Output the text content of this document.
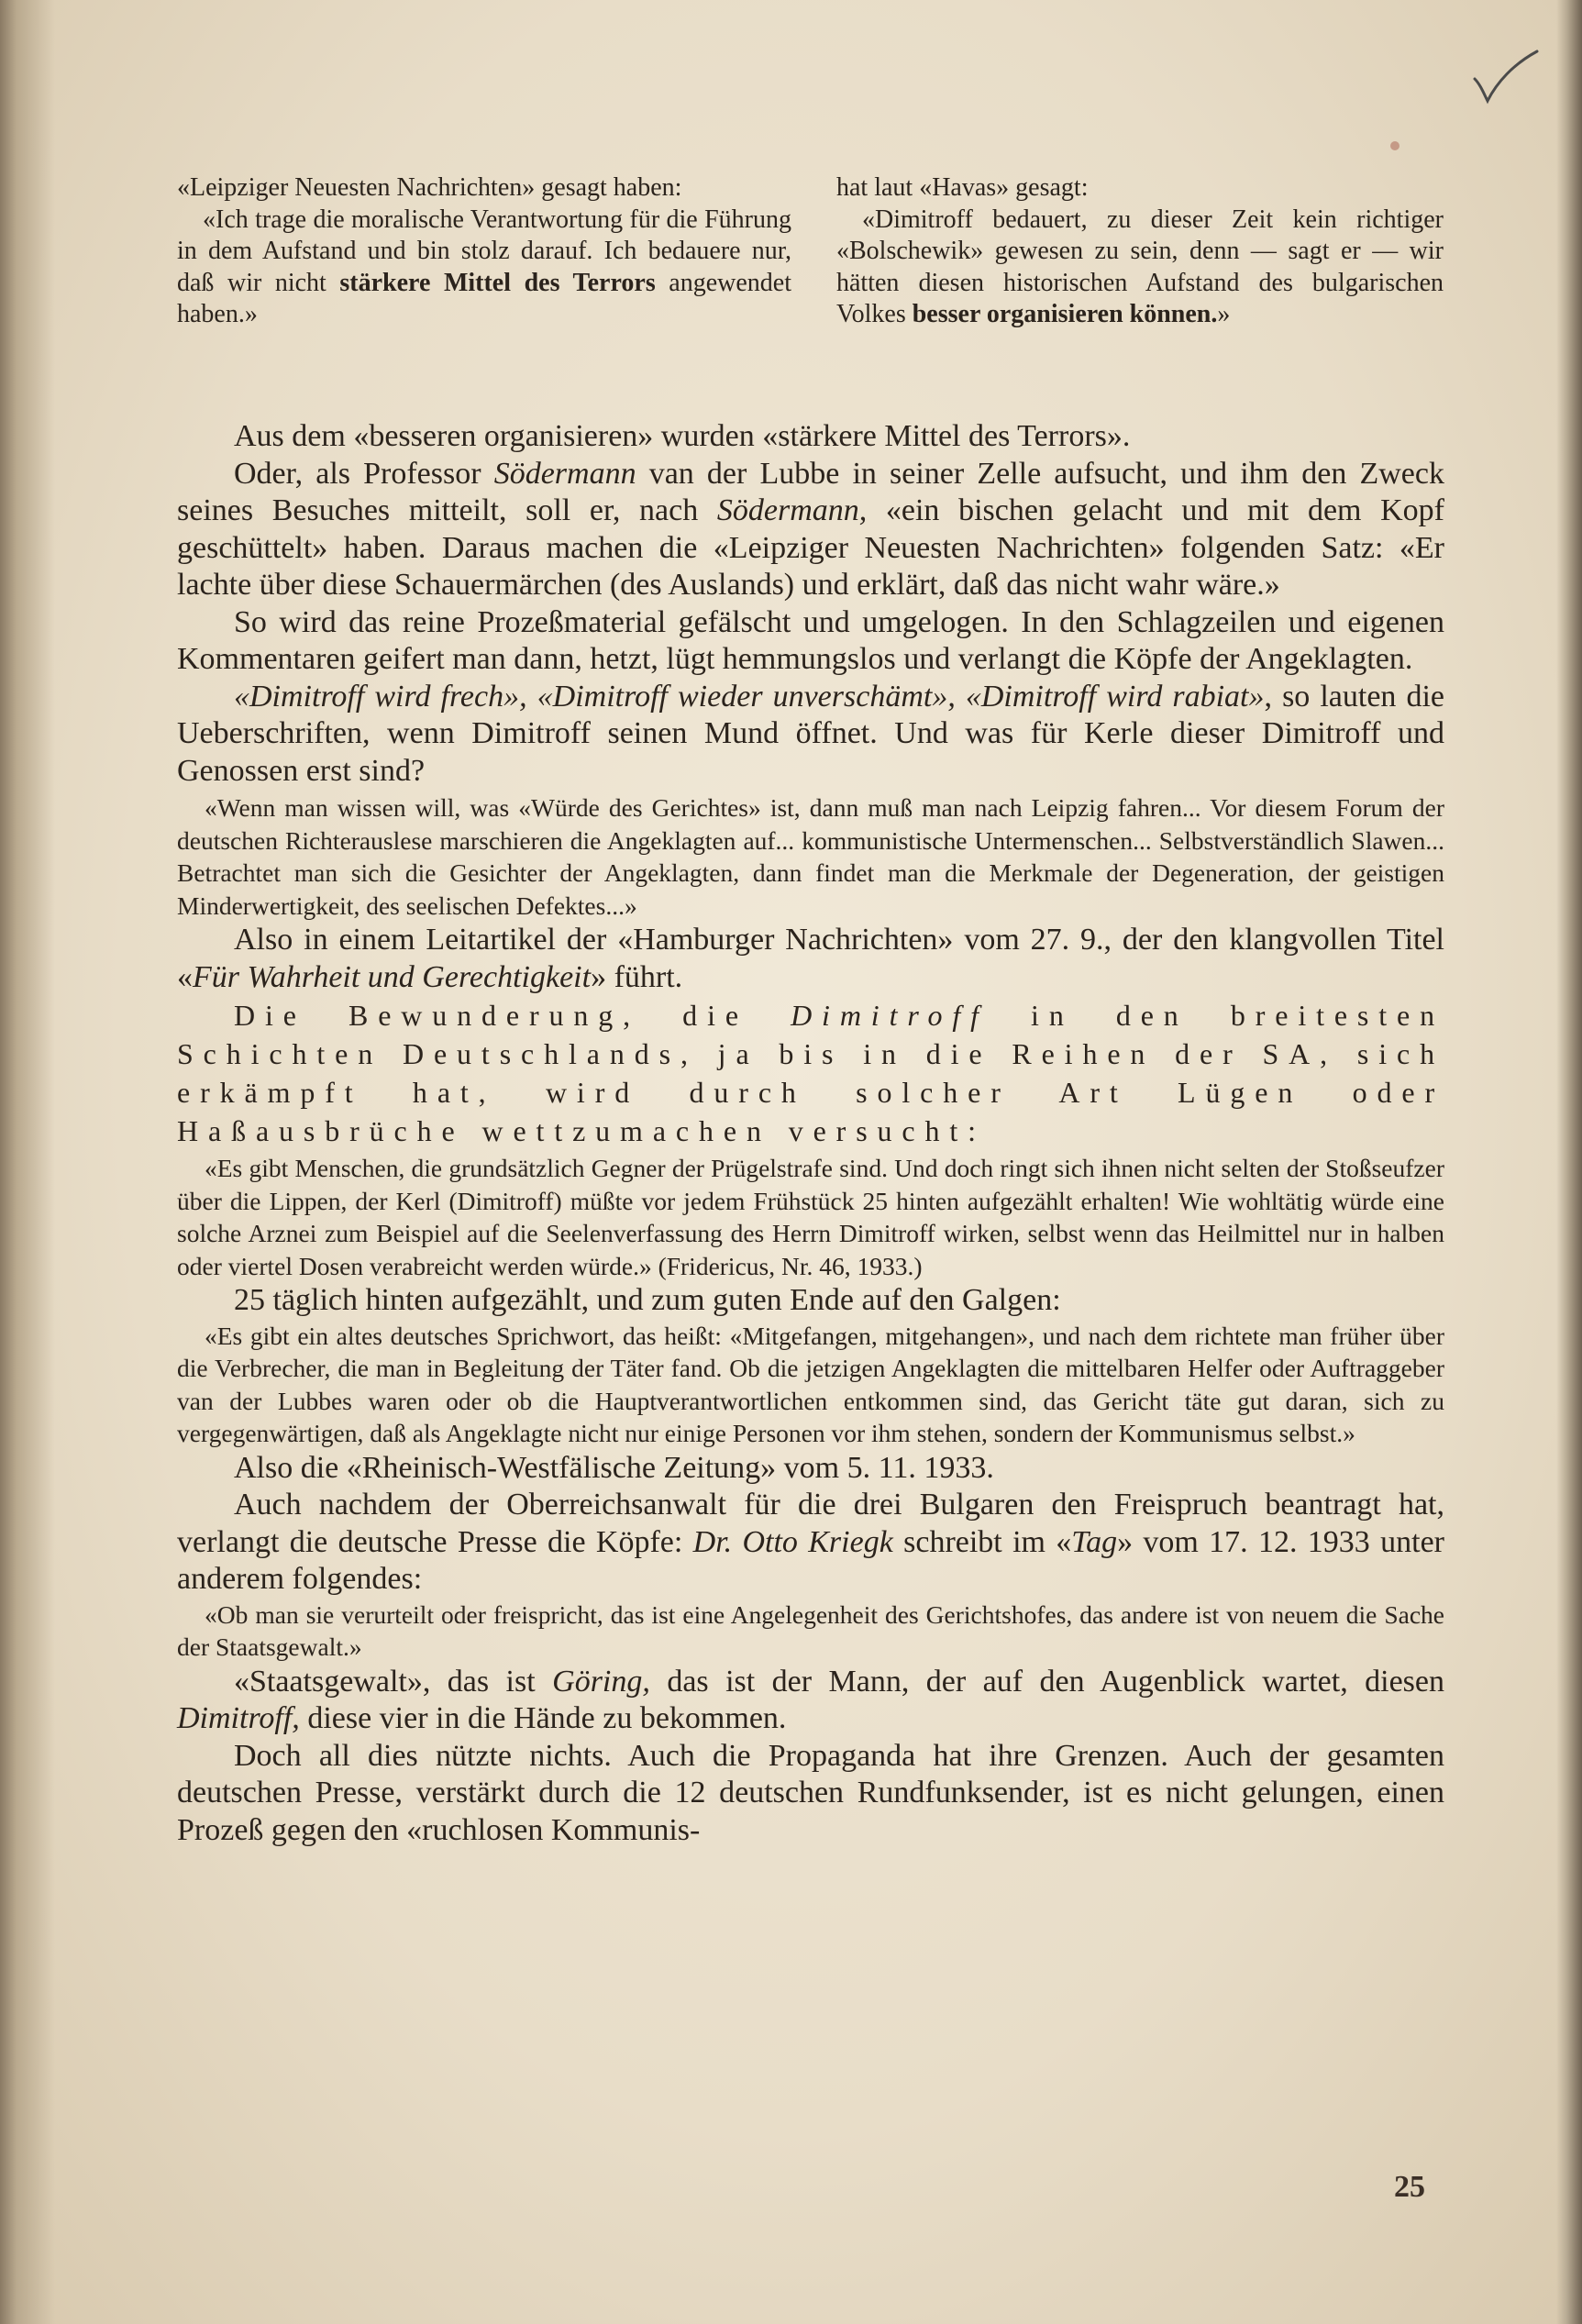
«Leipziger Neuesten Nachrichten» gesagt haben:

«Ich trage die moralische Verantwortung für die Führung in dem Aufstand und bin stolz darauf. Ich bedauere nur, daß wir nicht stärkere Mittel des Terrors angewendet haben.»

hat laut «Havas» gesagt:

«Dimitroff bedauert, zu dieser Zeit kein richtiger «Bolschewik» gewesen zu sein, denn — sagt er — wir hätten diesen historischen Aufstand des bulgarischen Volkes besser organisieren können.»

Aus dem «besseren organisieren» wurden «stärkere Mittel des Terrors».

Oder, als Professor Södermann van der Lubbe in seiner Zelle aufsucht, und ihm den Zweck seines Besuches mitteilt, soll er, nach Södermann, «ein bischen gelacht und mit dem Kopf geschüttelt» haben. Daraus machen die «Leipziger Neuesten Nachrichten» folgenden Satz: «Er lachte über diese Schauermärchen (des Auslands) und erklärt, daß das nicht wahr wäre.»

So wird das reine Prozeßmaterial gefälscht und umgelogen. In den Schlagzeilen und eigenen Kommentaren geifert man dann, hetzt, lügt hemmungslos und verlangt die Köpfe der Angeklagten.

«Dimitroff wird frech», «Dimitroff wieder unverschämt», «Dimitroff wird rabiat», so lauten die Ueberschriften, wenn Dimitroff seinen Mund öffnet. Und was für Kerle dieser Dimitroff und Genossen erst sind?

«Wenn man wissen will, was «Würde des Gerichtes» ist, dann muß man nach Leipzig fahren... Vor diesem Forum der deutschen Richterauslese marschieren die Angeklagten auf... kommunistische Untermenschen... Selbstverständlich Slawen... Betrachtet man sich die Gesichter der Angeklagten, dann findet man die Merkmale der Degeneration, der geistigen Minderwertigkeit, des seelischen Defektes...»

Also in einem Leitartikel der «Hamburger Nachrichten» vom 27. 9., der den klangvollen Titel «Für Wahrheit und Gerechtigkeit» führt.

Die Bewunderung, die Dimitroff in den breitesten Schichten Deutschlands, ja bis in die Reihen der SA, sich erkämpft hat, wird durch solcher Art Lügen oder Haßausbrüche wettzumachen versucht:

«Es gibt Menschen, die grundsätzlich Gegner der Prügelstrafe sind. Und doch ringt sich ihnen nicht selten der Stoßseufzer über die Lippen, der Kerl (Dimitroff) müßte vor jedem Frühstück 25 hinten aufgezählt erhalten! Wie wohltätig würde eine solche Arznei zum Beispiel auf die Seelenverfassung des Herrn Dimitroff wirken, selbst wenn das Heilmittel nur in halben oder viertel Dosen verabreicht werden würde.» (Fridericus, Nr. 46, 1933.)

25 täglich hinten aufgezählt, und zum guten Ende auf den Galgen:

«Es gibt ein altes deutsches Sprichwort, das heißt: «Mitgefangen, mitgehangen», und nach dem richtete man früher über die Verbrecher, die man in Begleitung der Täter fand. Ob die jetzigen Angeklagten die mittelbaren Helfer oder Auftraggeber van der Lubbes waren oder ob die Hauptverantwortlichen entkommen sind, das Gericht täte gut daran, sich zu vergegenwärtigen, daß als Angeklagte nicht nur einige Personen vor ihm stehen, sondern der Kommunismus selbst.»

Also die «Rheinisch-Westfälische Zeitung» vom 5. 11. 1933.

Auch nachdem der Oberreichsanwalt für die drei Bulgaren den Freispruch beantragt hat, verlangt die deutsche Presse die Köpfe: Dr. Otto Kriegk schreibt im «Tag» vom 17. 12. 1933 unter anderem folgendes:

«Ob man sie verurteilt oder freispricht, das ist eine Angelegenheit des Gerichtshofes, das andere ist von neuem die Sache der Staatsgewalt.»

«Staatsgewalt», das ist Göring, das ist der Mann, der auf den Augenblick wartet, diesen Dimitroff, diese vier in die Hände zu bekommen.

Doch all dies nützte nichts. Auch die Propaganda hat ihre Grenzen. Auch der gesamten deutschen Presse, verstärkt durch die 12 deutschen Rundfunksender, ist es nicht gelungen, einen Prozeß gegen den «ruchlosen Kommunis-

25
